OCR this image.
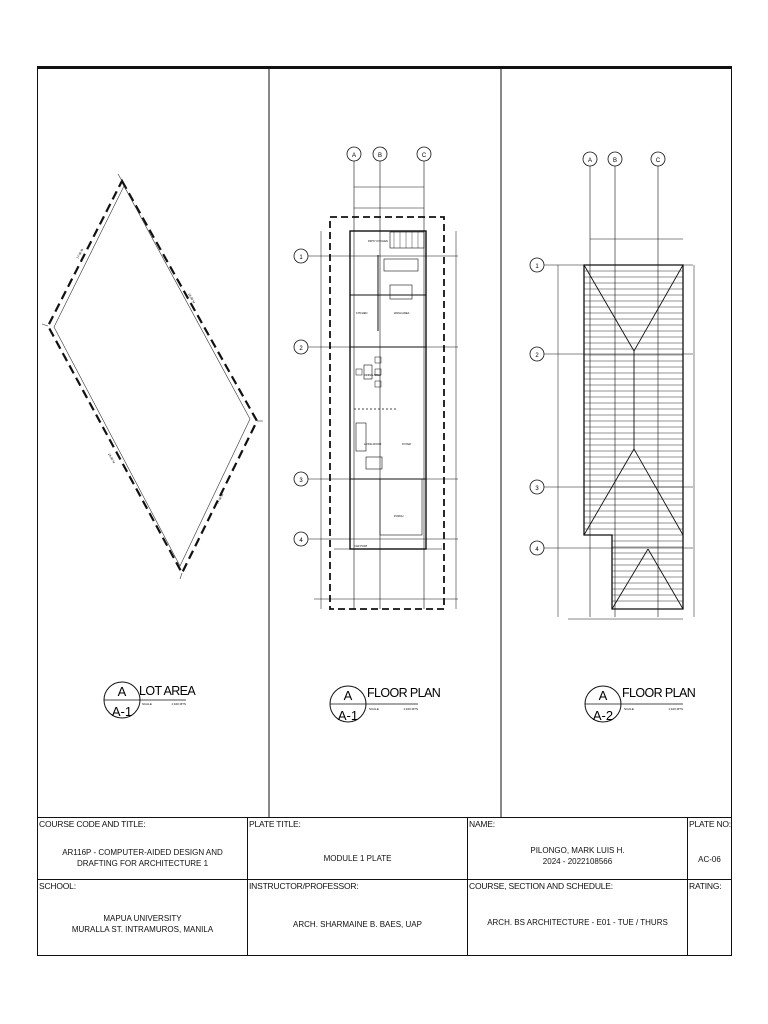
17.00 M
26.00 M
26.00 M
17.00 M
A
A-1
LOT AREA
SCALE	1:100 MTS
A	B	C
1
2
3
4
DIRTY KITCHEN
KITCHEN	WASH AREA
DINING AREA
LIVING ROOM	FOYER
PORCH
CAR PORT
A
A-1
FLOOR PLAN
SCALE	1:100 MTS
A	B	C
1
2
3
4
A
A-2
FLOOR PLAN
SCALE	1:100 MTS
COURSE CODE AND TITLE:
AR116P - COMPUTER-AIDED DESIGN AND
DRAFTING FOR ARCHITECTURE 1
PLATE TITLE:
MODULE 1 PLATE
NAME:
PILONGO, MARK LUIS H.
2024 - 2022108566
PLATE NO:
AC-06
SCHOOL:
MAPUA UNIVERSITY
MURALLA ST. INTRAMUROS, MANILA
INSTRUCTOR/PROFESSOR:
ARCH. SHARMAINE B. BAES, UAP
COURSE, SECTION AND SCHEDULE:
ARCH. BS ARCHITECTURE - E01 - TUE / THURS
RATING:
